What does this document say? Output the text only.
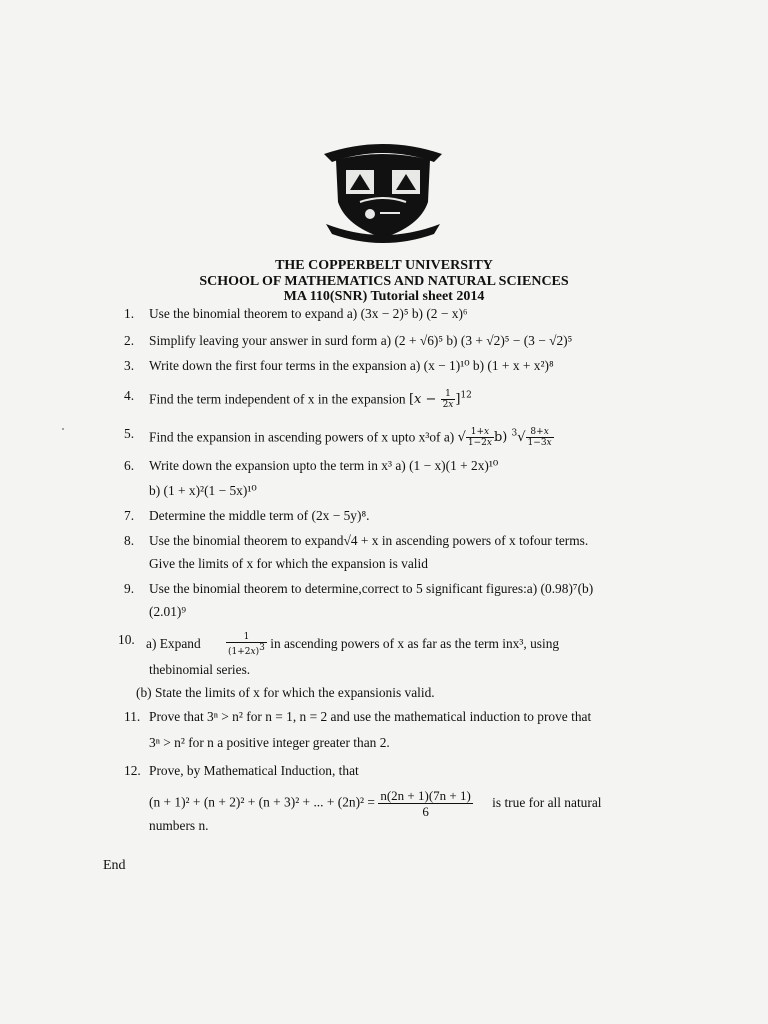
THE COPPERBELT UNIVERSITY
SCHOOL OF MATHEMATICS AND NATURAL SCIENCES
MA 110(SNR) Tutorial sheet 2014
1. Use the binomial theorem to expand a) (3x − 2)⁵ b) (2 − x)⁶
2. Simplify leaving your answer in surd form a) (2 + √6)⁵ b) (3 + √2)⁵ − (3 − √2)⁵
3. Write down the first four terms in the expansion a) (x − 1)¹⁰ b) (1 + x + x²)⁸
4. Find the term independent of x in the expansion $[x - \frac{1}{2x} ]^{12}$
5. Find the expansion in ascending powers of x upto x³of a) √ $\frac{1+x}{1-2x} b$) $^3√ \frac{8+x}{1-3x}$
6. Write down the expansion upto the term in x³ a) (1 − x)(1 + 2x)¹⁰
b) (1 + x)²(1 − 5x)¹⁰
7. Determine the middle term of (2x − 5y)⁸.
8. Use the binomial theorem to expand√4 + x in ascending powers of x tofour terms.
Give the limits of x for which the expansion is valid
9. Use the binomial theorem to determine,correct to 5 significant figures:a) (0.98)⁷(b)
(2.01)⁹
10. a) Expand	$\frac{1}{(1+2x)3}$ in ascending powers of x as far as the term inx³, using
thebinomial series.
(b) State the limits of x for which the expansionis valid.
11. Prove that 3ⁿ > n² for n = 1, n = 2 and use the mathematical induction to prove that
3ⁿ > n² for n a positive integer greater than 2.
12. Prove, by Mathematical Induction, that
(n + 1)² + (n + 2)² + (n + 3)² + ... + $(2n)^2 = \frac{n(2n + 1)(7n + 1)}{6}$ is true for all natural
numbers n.
End
